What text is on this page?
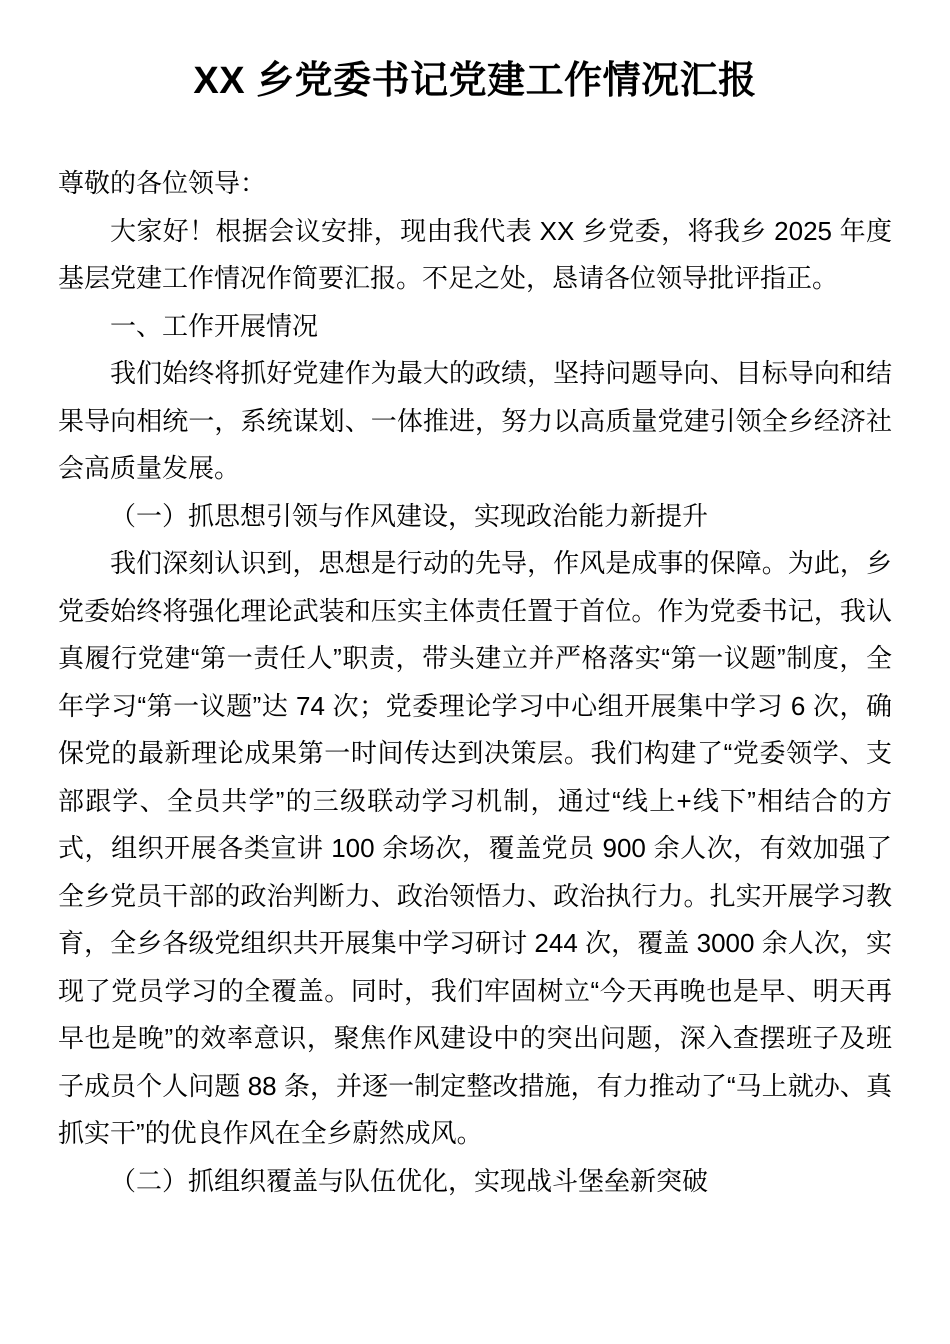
XX 乡党委书记党建工作情况汇报

尊敬的各位领导：

大家好！根据会议安排，现由我代表 XX 乡党委，将我乡 2025 年度基层党建工作情况作简要汇报。不足之处，恳请各位领导批评指正。

一、工作开展情况

我们始终将抓好党建作为最大的政绩，坚持问题导向、目标导向和结果导向相统一，系统谋划、一体推进，努力以高质量党建引领全乡经济社会高质量发展。

（一）抓思想引领与作风建设，实现政治能力新提升

我们深刻认识到，思想是行动的先导，作风是成事的保障。为此，乡党委始终将强化理论武装和压实主体责任置于首位。作为党委书记，我认真履行党建“第一责任人”职责，带头建立并严格落实“第一议题”制度，全年学习“第一议题”达 74 次；党委理论学习中心组开展集中学习 6 次，确保党的最新理论成果第一时间传达到决策层。我们构建了“党委领学、支部跟学、全员共学”的三级联动学习机制，通过“线上+线下”相结合的方式，组织开展各类宣讲 100 余场次，覆盖党员 900 余人次，有效加强了全乡党员干部的政治判断力、政治领悟力、政治执行力。扎实开展学习教育，全乡各级党组织共开展集中学习研讨 244 次，覆盖 3000 余人次，实现了党员学习的全覆盖。同时，我们牢固树立“今天再晚也是早、明天再早也是晚”的效率意识，聚焦作风建设中的突出问题，深入查摆班子及班子成员个人问题 88 条，并逐一制定整改措施，有力推动了“马上就办、真抓实干”的优良作风在全乡蔚然成风。

（二）抓组织覆盖与队伍优化，实现战斗堡垒新突破
